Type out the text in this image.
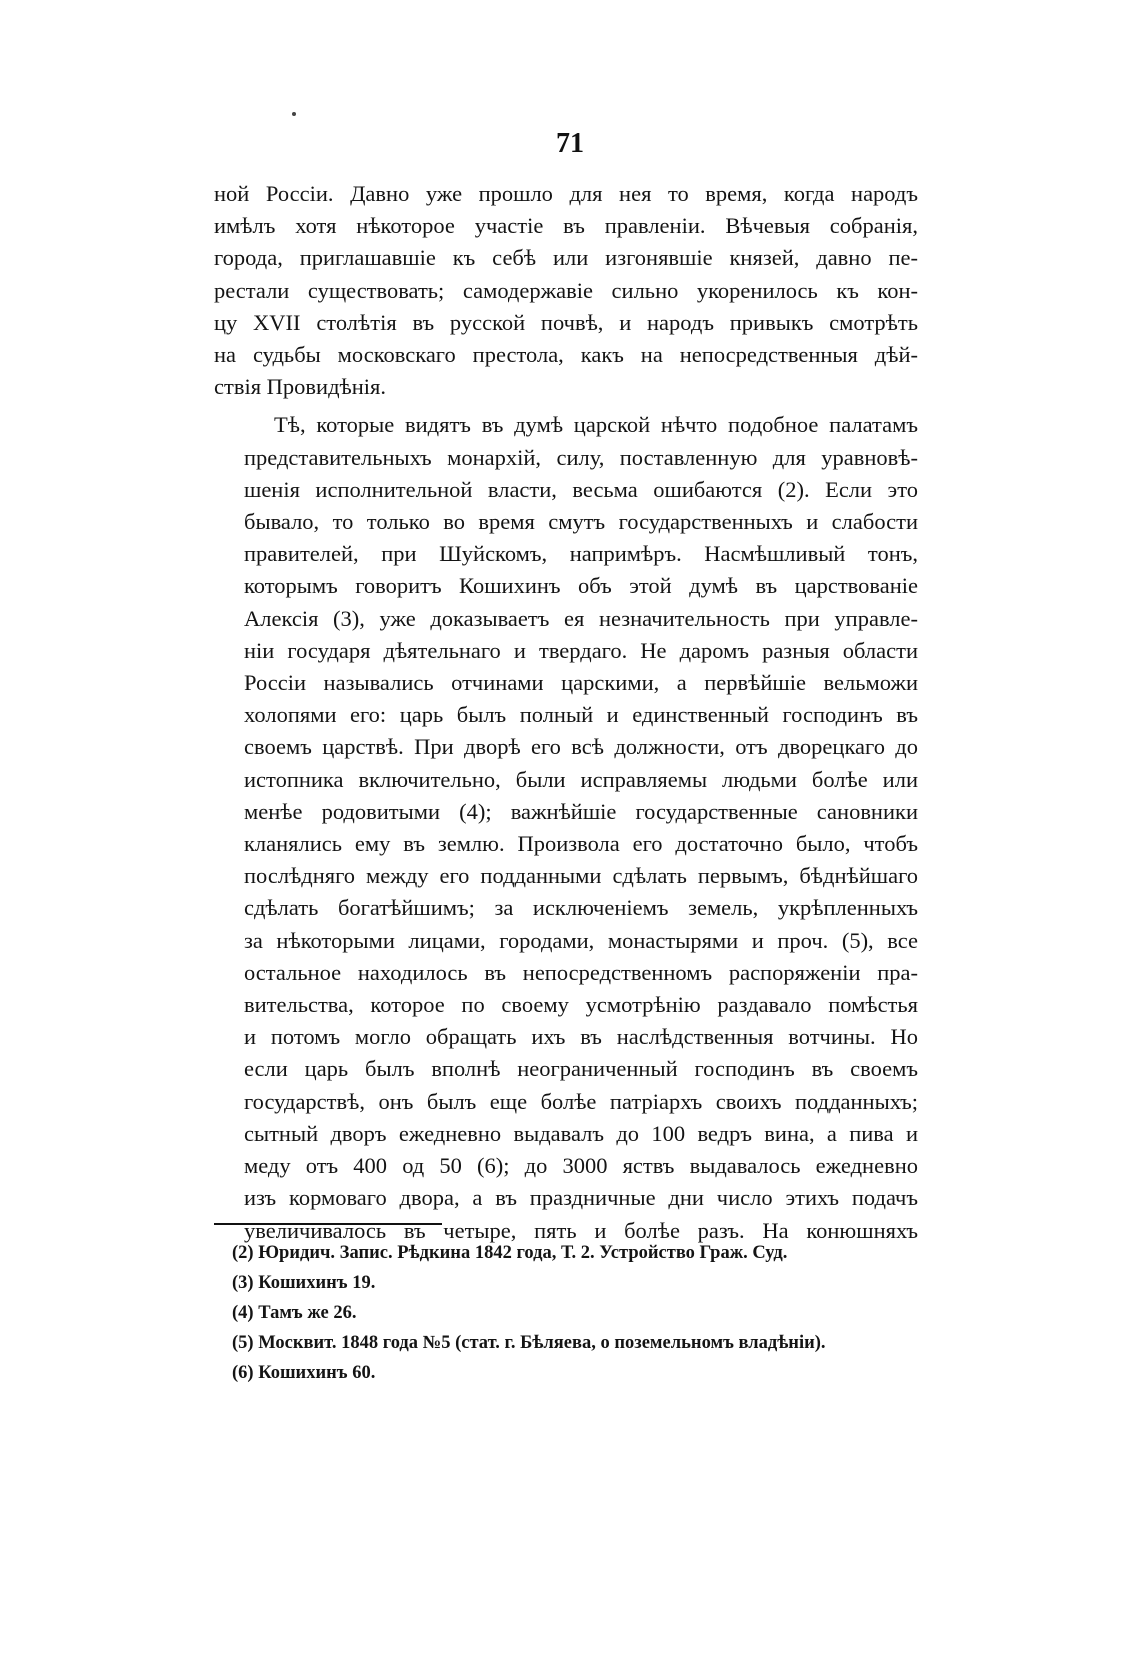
71

ной Россіи. Давно уже прошло для нея то время, когда народъ
имѣлъ хотя нѣкоторое участіе въ правленіи. Вѣчевыя собранія,
города, приглашавшіе къ себѣ или изгонявшіе князей, давно пе-
рестали существовать; самодержавіе сильно укоренилось къ кон-
цу XVII столѣтія въ русской почвѣ, и народъ привыкъ смотрѣть
на судьбы московскаго престола, какъ на непосредственныя дѣй-
ствія Провидѣнія.

Тѣ, которые видятъ въ думѣ царской нѣчто подобное палатамъ
представительныхъ монархій, силу, поставленную для уравновѣ-
шенія исполнительной власти, весьма ошибаются (2). Если это
бывало, то только во время смутъ государственныхъ и слабости
правителей, при Шуйскомъ, напримѣръ. Насмѣшливый тонъ,
которымъ говоритъ Кошихинъ объ этой думѣ въ царствованіе
Алексія (3), уже доказываетъ ея незначительность при управле-
ніи государя дѣятельнаго и твердаго. Не даромъ разныя области
Россіи назывались отчинами царскими, а первѣйшіе вельможи
холопями его: царь былъ полный и единственный господинъ въ
своемъ царствѣ. При дворѣ его всѣ должности, отъ дворецкаго до
истопника включительно, были исправляемы людьми болѣе или
менѣе родовитыми (4); важнѣйшіе государственные сановники
кланялись ему въ землю. Произвола его достаточно было, чтобъ
послѣдняго между его подданными сдѣлать первымъ, бѣднѣйшаго
сдѣлать богатѣйшимъ; за исключеніемъ земель, укрѣпленныхъ
за нѣкоторыми лицами, городами, монастырями и проч. (5), все
остальное находилось въ непосредственномъ распоряженіи пра-
вительства, которое по своему усмотрѣнію раздавало помѣстья
и потомъ могло обращать ихъ въ наслѣдственныя вотчины. Но
если царь былъ вполнѣ неограниченный господинъ въ своемъ
государствѣ, онъ былъ еще болѣе патріархъ своихъ подданныхъ;
сытный дворъ ежедневно выдавалъ до 100 ведръ вина, а пива и
меду отъ 400 од 50 (6); до 3000 яствъ выдавалось ежедневно
изъ кормоваго двора, а въ праздничные дни число этихъ подачъ
увеличивалось въ четыре, пять и болѣе разъ. На конюшняхъ

(2) Юридич. Запис. Рѣдкина 1842 года, Т. 2. Устройство Граж. Суд.
(3) Кошихинъ 19.
(4) Тамъ же 26.
(5) Москвит. 1848 года №5 (стат. г. Бѣляева, о поземельномъ владѣніи).
(6) Кошихинъ 60.
